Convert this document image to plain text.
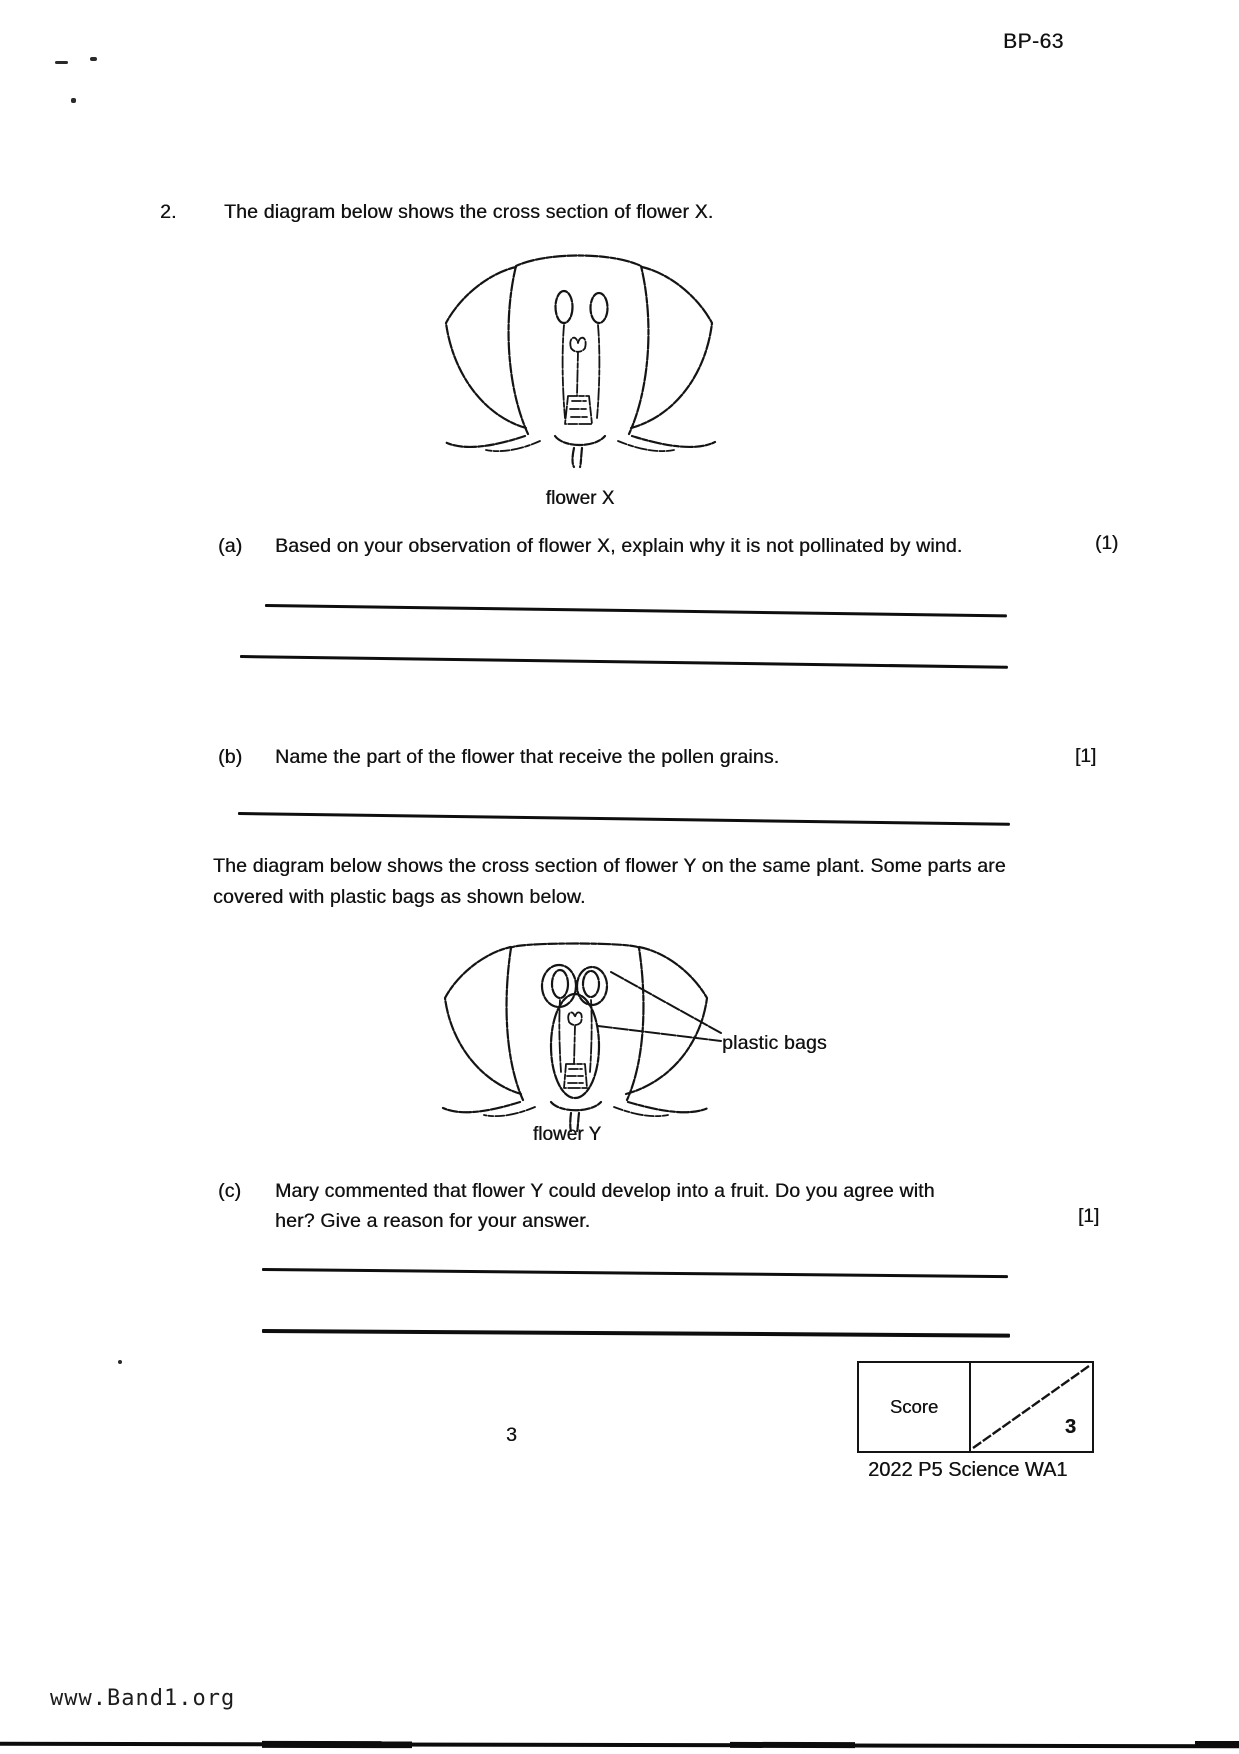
BP-63
2. The diagram below shows the cross section of flower X.
flower X
(a) Based on your observation of flower X, explain why it is not pollinated by wind.	(1)
(b) Name the part of the flower that receive the pollen grains.	[1]
The diagram below shows the cross section of flower Y on the same plant. Some parts are covered with plastic bags as shown below.
plastic bags
flower Y
(c) Mary commented that flower Y could develop into a fruit. Do you agree with her? Give a reason for your answer.	[1]
Score
3
2022 P5 Science WA1
3
www.Band1.org
